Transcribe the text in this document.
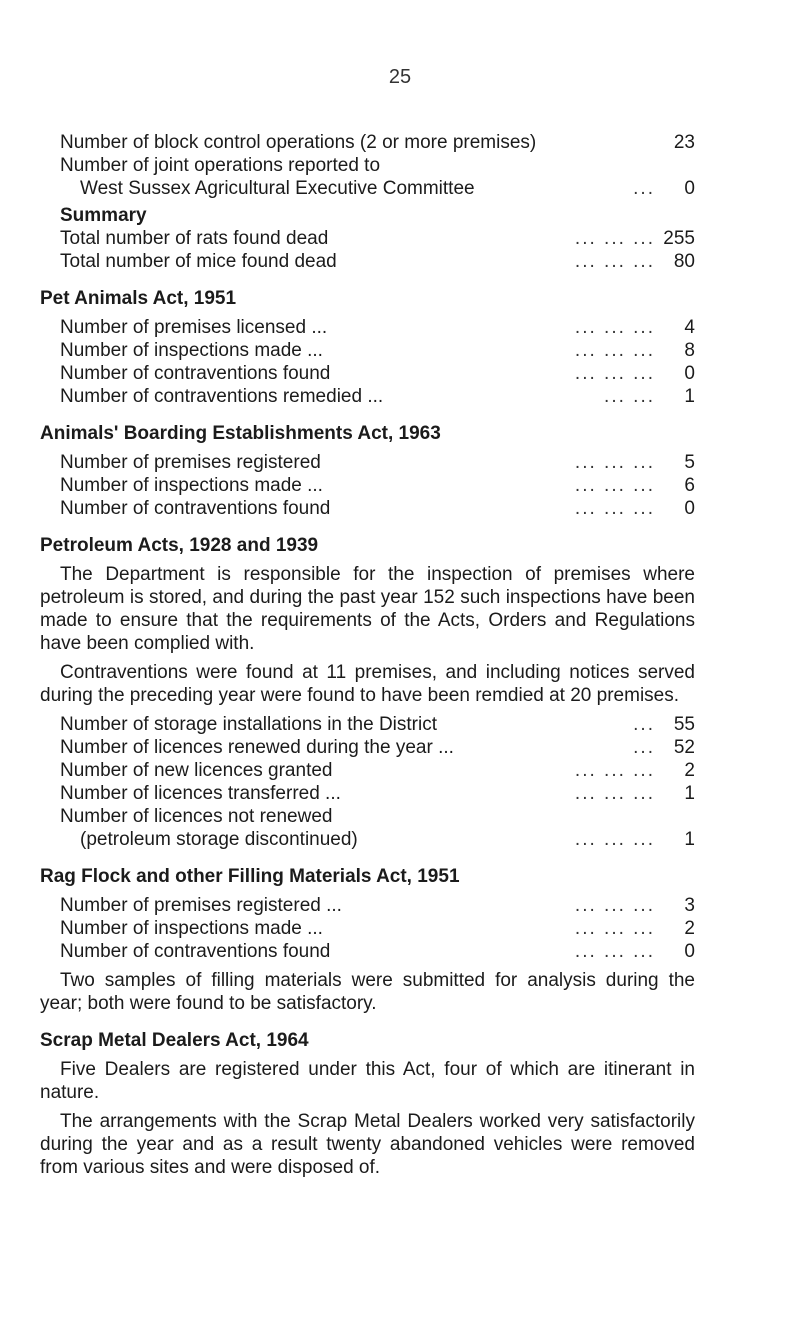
25
Number of block control operations (2 or more premises)	23
Number of joint operations reported to
West Sussex Agricultural Executive Committee	...	0
Summary
Total number of rats found dead	... ... ... 255
Total number of mice found dead	... ... ... 80
Pet Animals Act, 1951
Number of premises licensed ...	... ... ...	4
Number of inspections made ...	... ... ...	8
Number of contraventions found	... ... ...	0
Number of contraventions remedied ...	... ...	1
Animals' Boarding Establishments Act, 1963
Number of premises registered	... ... ...	5
Number of inspections made ...	... ... ...	6
Number of contraventions found	... ... ...	0
Petroleum Acts, 1928 and 1939
The Department is responsible for the inspection of premises where petroleum is stored, and during the past year 152 such inspections have been made to ensure that the requirements of the Acts, Orders and Regulations have been complied with.
Contraventions were found at 11 premises, and including notices served during the preceding year were found to have been remdied at 20 premises.
Number of storage installations in the District	... 55
Number of licences renewed during the year ...	... 52
Number of new licences granted	... ... ...	2
Number of licences transferred ...	... ... ...	1
Number of licences not renewed
(petroleum storage discontinued)	... ... ...	1
Rag Flock and other Filling Materials Act, 1951
Number of premises registered ...	... ... ...	3
Number of inspections made ...	... ... ...	2
Number of contraventions found	... ... ...	0
Two samples of filling materials were submitted for analysis during the year; both were found to be satisfactory.
Scrap Metal Dealers Act, 1964
Five Dealers are registered under this Act, four of which are itinerant in nature.
The arrangements with the Scrap Metal Dealers worked very satisfactorily during the year and as a result twenty abandoned vehicles were removed from various sites and were disposed of.
